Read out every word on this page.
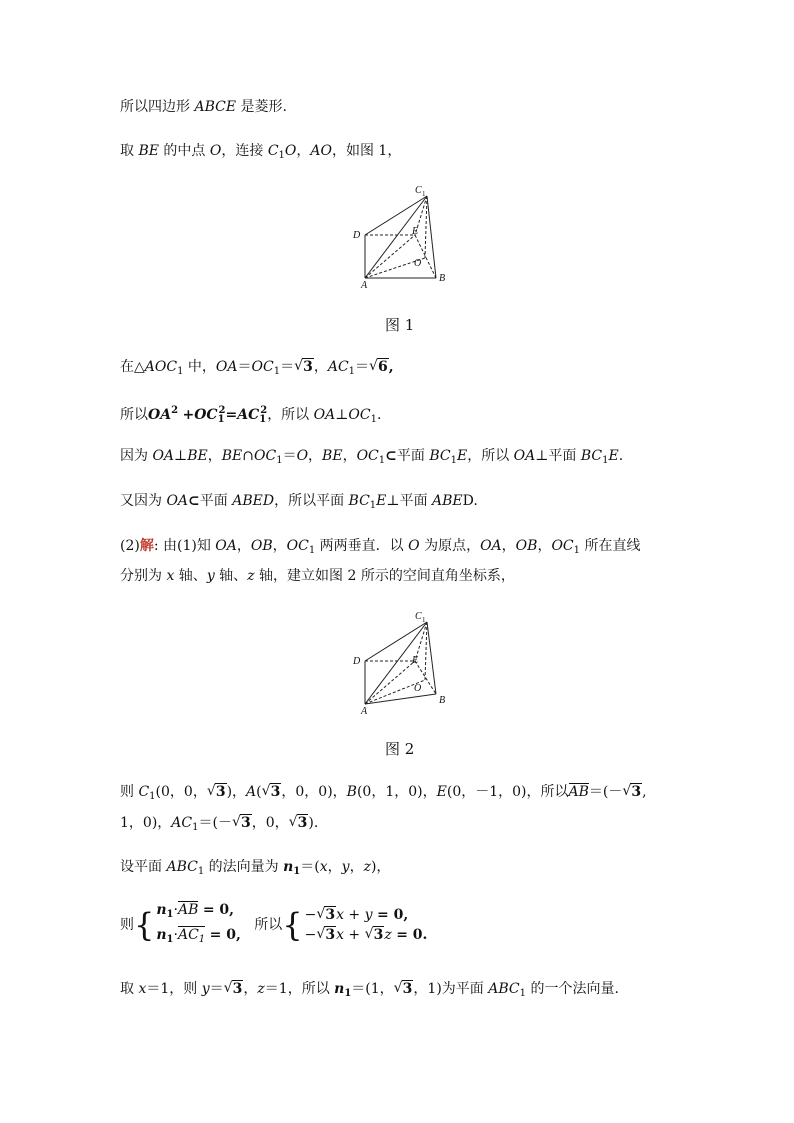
所以四边形 ABCE 是菱形.
取 BE 的中点 O，连接 $C_1O$，AO，如图 1，
C 1
D	E
O
A
B
图 1
在$\triangle AOC_1$ 中，$OA=OC_1=√$ 3，$AC_1=√$ 6,
所以$OA^2 +OC_1^2=AC_1^2$，所以 $OA\perp OC_1$.
因为 OA⊥BE，$BE\cap OC_1=O$，BE，$OC_1\subset$平面 $BC_1E$，所以 OA⊥平面 $BC_1E$.
又因为 OA⊂平面 ABED，所以平面 $BC_1E\perp$平面 ABED.
(2)解: 由(1)知 OA，OB，$OC_1$ 两两垂直．以 O 为原点，OA，OB，$OC_1$ 所在直线
分别为 x 轴、y 轴、z 轴，建立如图 2 所示的空间直角坐标系，
C 1
D	E
O
A
B
图 2
则 $C_1(0$，0，√ 3)，A(√ 3，0，0)，B(0，1，0)，E(0，－1，0)，所以AB＝(－√ 3,
1，0)，$AC_1=(-√$ 3，0，√ 3).
设平面 $ABC_1$ 的法向量为 $n_1=(x$，y，z)，
则{ $n_1\cdot AB = 0$,
$n_1\cdot AC_1 = 0$,
所以{ −√ 3x + y = 0,
−√ 3x + √ 3z = 0.
取 x＝1，则 y＝√ 3，z＝1，所以 $n_1=(1$，√ 3，1)为平面 $ABC_1$ 的一个法向量.
